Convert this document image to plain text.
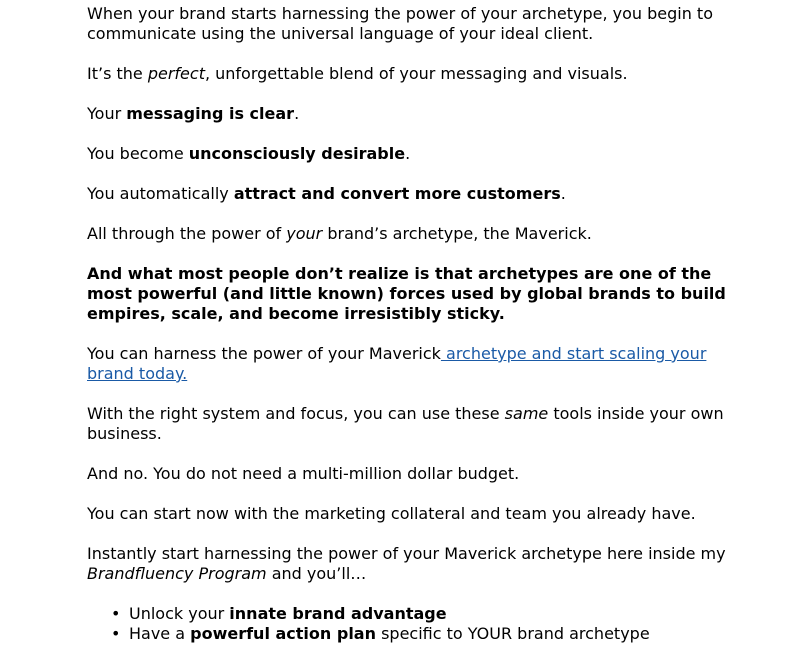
When your brand starts harnessing the power of your archetype, you begin to communicate using the universal language of your ideal client.

It’s the perfect, unforgettable blend of your messaging and visuals.

Your messaging is clear.

You become unconsciously desirable.

You automatically attract and convert more customers.

All through the power of your brand’s archetype, the Maverick.

And what most people don’t realize is that archetypes are one of the most powerful (and little known) forces used by global brands to build empires, scale, and become irresistibly sticky.

You can harness the power of your Maverick archetype and start scaling your brand today.

With the right system and focus, you can use these same tools inside your own business.

And no. You do not need a multi-million dollar budget.

You can start now with the marketing collateral and team you already have.

Instantly start harnessing the power of your Maverick archetype here inside my Brandfluency Program and you’ll…

• Unlock your innate brand advantage
• Have a powerful action plan specific to YOUR brand archetype
